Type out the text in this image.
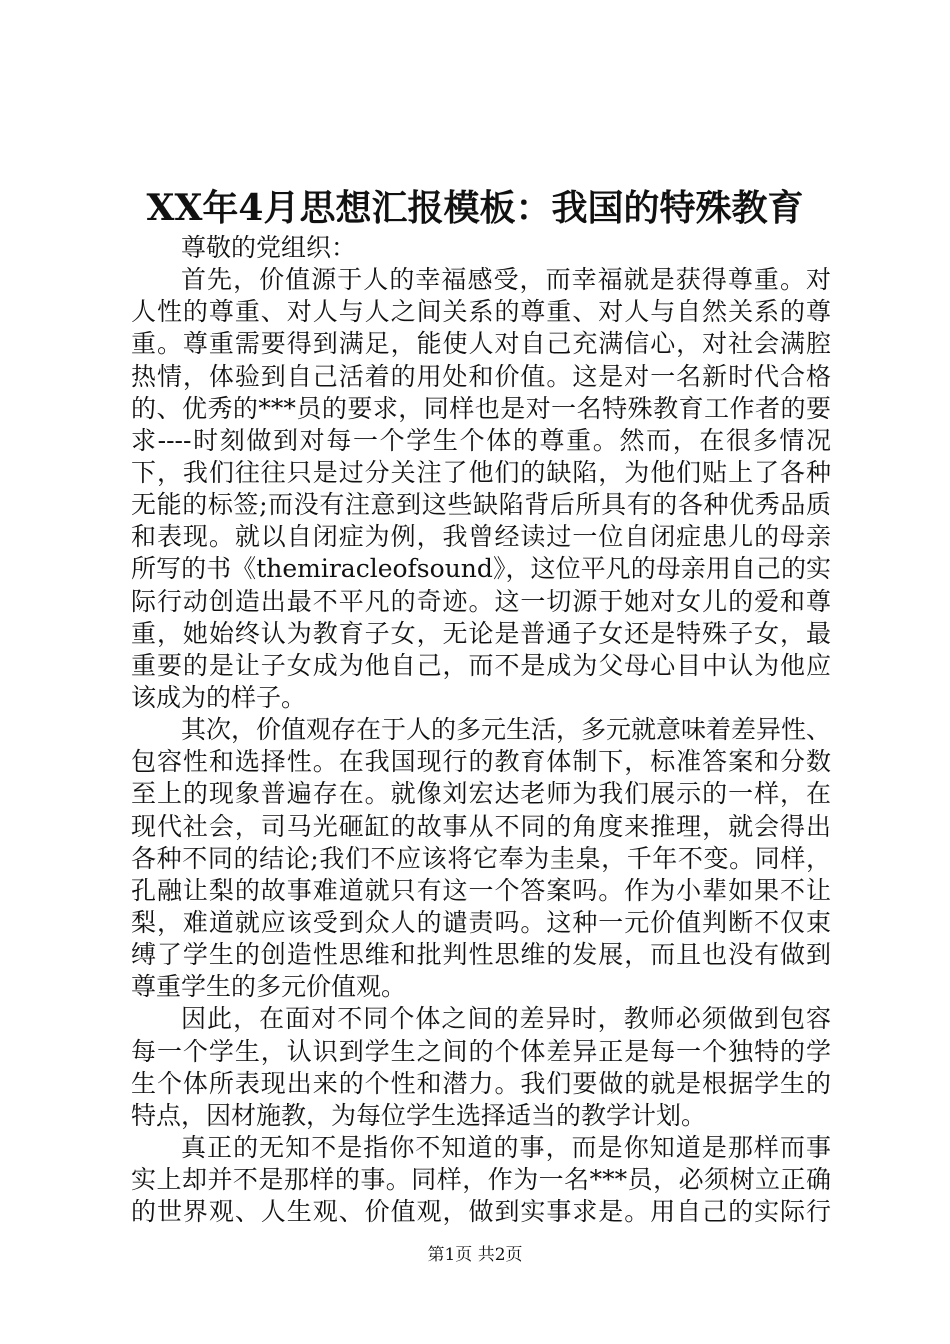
XX年4月思想汇报模板：我国的特殊教育
尊敬的党组织：
首先，价值源于人的幸福感受，而幸福就是获得尊重。对
人性的尊重、对人与人之间关系的尊重、对人与自然关系的尊
重。尊重需要得到满足，能使人对自己充满信心，对社会满腔
热情，体验到自己活着的用处和价值。这是对一名新时代合格
的、优秀的***员的要求，同样也是对一名特殊教育工作者的要
求----时刻做到对每一个学生个体的尊重。然而，在很多情况
下，我们往往只是过分关注了他们的缺陷，为他们贴上了各种
无能的标签;而没有注意到这些缺陷背后所具有的各种优秀品质
和表现。就以自闭症为例，我曾经读过一位自闭症患儿的母亲
所写的书《themiracleofsound》，这位平凡的母亲用自己的实
际行动创造出最不平凡的奇迹。这一切源于她对女儿的爱和尊
重，她始终认为教育子女，无论是普通子女还是特殊子女，最
重要的是让子女成为他自己，而不是成为父母心目中认为他应
该成为的样子。
其次，价值观存在于人的多元生活，多元就意味着差异性、
包容性和选择性。在我国现行的教育体制下，标准答案和分数
至上的现象普遍存在。就像刘宏达老师为我们展示的一样，在
现代社会，司马光砸缸的故事从不同的角度来推理，就会得出
各种不同的结论;我们不应该将它奉为圭臬，千年不变。同样，
孔融让梨的故事难道就只有这一个答案吗。作为小辈如果不让
梨，难道就应该受到众人的谴责吗。这种一元价值判断不仅束
缚了学生的创造性思维和批判性思维的发展，而且也没有做到
尊重学生的多元价值观。
因此，在面对不同个体之间的差异时，教师必须做到包容
每一个学生，认识到学生之间的个体差异正是每一个独特的学
生个体所表现出来的个性和潜力。我们要做的就是根据学生的
特点，因材施教，为每位学生选择适当的教学计划。
真正的无知不是指你不知道的事，而是你知道是那样而事
实上却并不是那样的事。同样，作为一名***员，必须树立正确
的世界观、人生观、价值观，做到实事求是。用自己的实际行
第1页 共2页
